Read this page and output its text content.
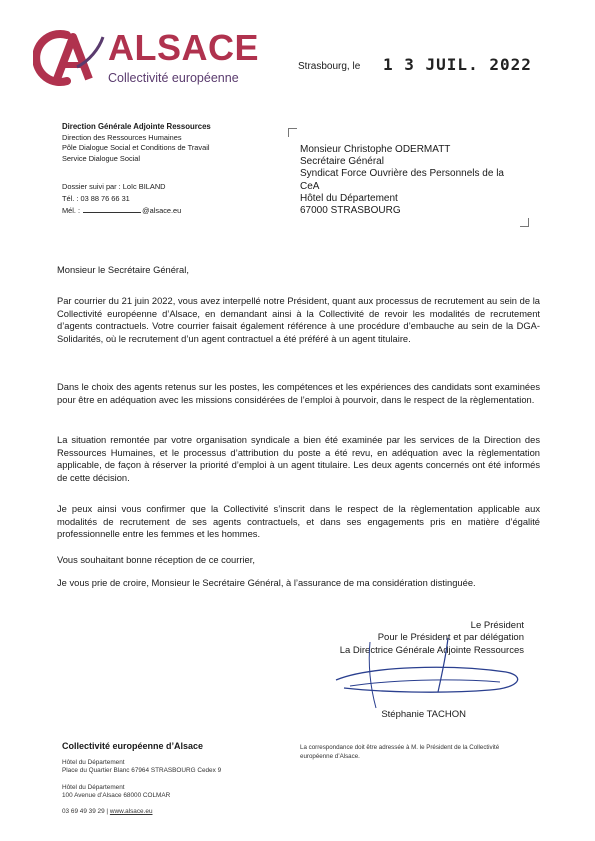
ALSACE
Collectivité européenne
Strasbourg, le 1 3 JUIL. 2022
Direction Générale Adjointe Ressources
Direction des Ressources Humaines
Pôle Dialogue Social et Conditions de Travail
Service Dialogue Social
Dossier suivi par : Loïc BILAND
Tél. : 03 88 76 66 31
Mél. :	@alsace.eu
Monsieur Christophe ODERMATT
Secrétaire Général
Syndicat Force Ouvrière des Personnels de la CeA
Hôtel du Département
67000 STRASBOURG
Monsieur le Secrétaire Général,
Par courrier du 21 juin 2022, vous avez interpellé notre Président, quant aux processus de recrutement au sein de la Collectivité européenne d’Alsace, en demandant ainsi à la Collectivité de revoir les modalités de recrutement d’agents contractuels. Votre courrier faisait également référence à une procédure d’embauche au sein de la DGA-Solidarités, où le recrutement d’un agent contractuel a été préféré à un agent titulaire.
Dans le choix des agents retenus sur les postes, les compétences et les expériences des candidats sont examinées pour être en adéquation avec les missions considérées de l’emploi à pourvoir, dans le respect de la règlementation.
La situation remontée par votre organisation syndicale a bien été examinée par les services de la Direction des Ressources Humaines, et le processus d’attribution du poste a été revu, en adéquation avec la règlementation applicable, de façon à réserver la priorité d’emploi à un agent titulaire. Les deux agents concernés ont été informés de cette décision.
Je peux ainsi vous confirmer que la Collectivité s’inscrit dans le respect de la règlementation applicable aux modalités de recrutement de ses agents contractuels, et dans ses engagements pris en matière d’égalité professionnelle entre les femmes et les hommes.
Vous souhaitant bonne réception de ce courrier,
Je vous prie de croire, Monsieur le Secrétaire Général, à l’assurance de ma considération distinguée.
Le Président
Pour le Président et par délégation
La Directrice Générale Adjointe Ressources
Stéphanie TACHON
Collectivité européenne d’Alsace
Hôtel du Département
Place du Quartier Blanc 67964 STRASBOURG Cedex 9
Hôtel du Département
100 Avenue d’Alsace 68000 COLMAR
03 69 49 39 29 | www.alsace.eu
La correspondance doit être adressée à M. le Président de la Collectivité européenne d’Alsace.
